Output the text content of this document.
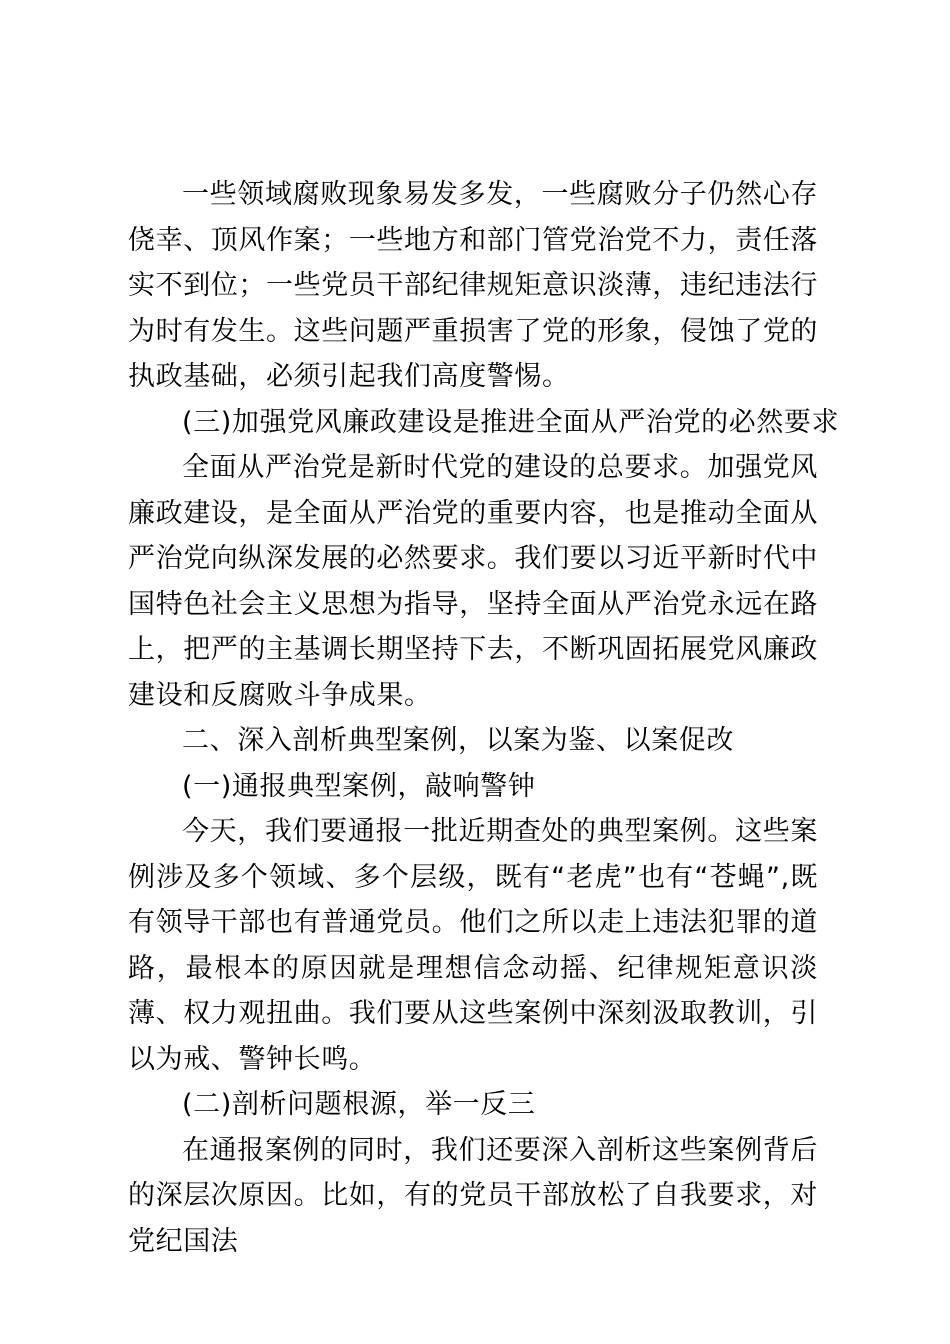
一些领域腐败现象易发多发，一些腐败分子仍然心存侥幸、顶风作案；一些地方和部门管党治党不力，责任落实不到位；一些党员干部纪律规矩意识淡薄，违纪违法行为时有发生。这些问题严重损害了党的形象，侵蚀了党的执政基础，必须引起我们高度警惕。

(三)加强党风廉政建设是推进全面从严治党的必然要求

全面从严治党是新时代党的建设的总要求。加强党风廉政建设，是全面从严治党的重要内容，也是推动全面从严治党向纵深发展的必然要求。我们要以习近平新时代中国特色社会主义思想为指导，坚持全面从严治党永远在路上，把严的主基调长期坚持下去，不断巩固拓展党风廉政建设和反腐败斗争成果。

二、深入剖析典型案例，以案为鉴、以案促改

(一)通报典型案例，敲响警钟

今天，我们要通报一批近期查处的典型案例。这些案例涉及多个领域、多个层级，既有“老虎”也有“苍蝇”,既有领导干部也有普通党员。他们之所以走上违法犯罪的道路，最根本的原因就是理想信念动摇、纪律规矩意识淡薄、权力观扭曲。我们要从这些案例中深刻汲取教训，引以为戒、警钟长鸣。

(二)剖析问题根源，举一反三

在通报案例的同时，我们还要深入剖析这些案例背后的深层次原因。比如，有的党员干部放松了自我要求，对党纪国法
